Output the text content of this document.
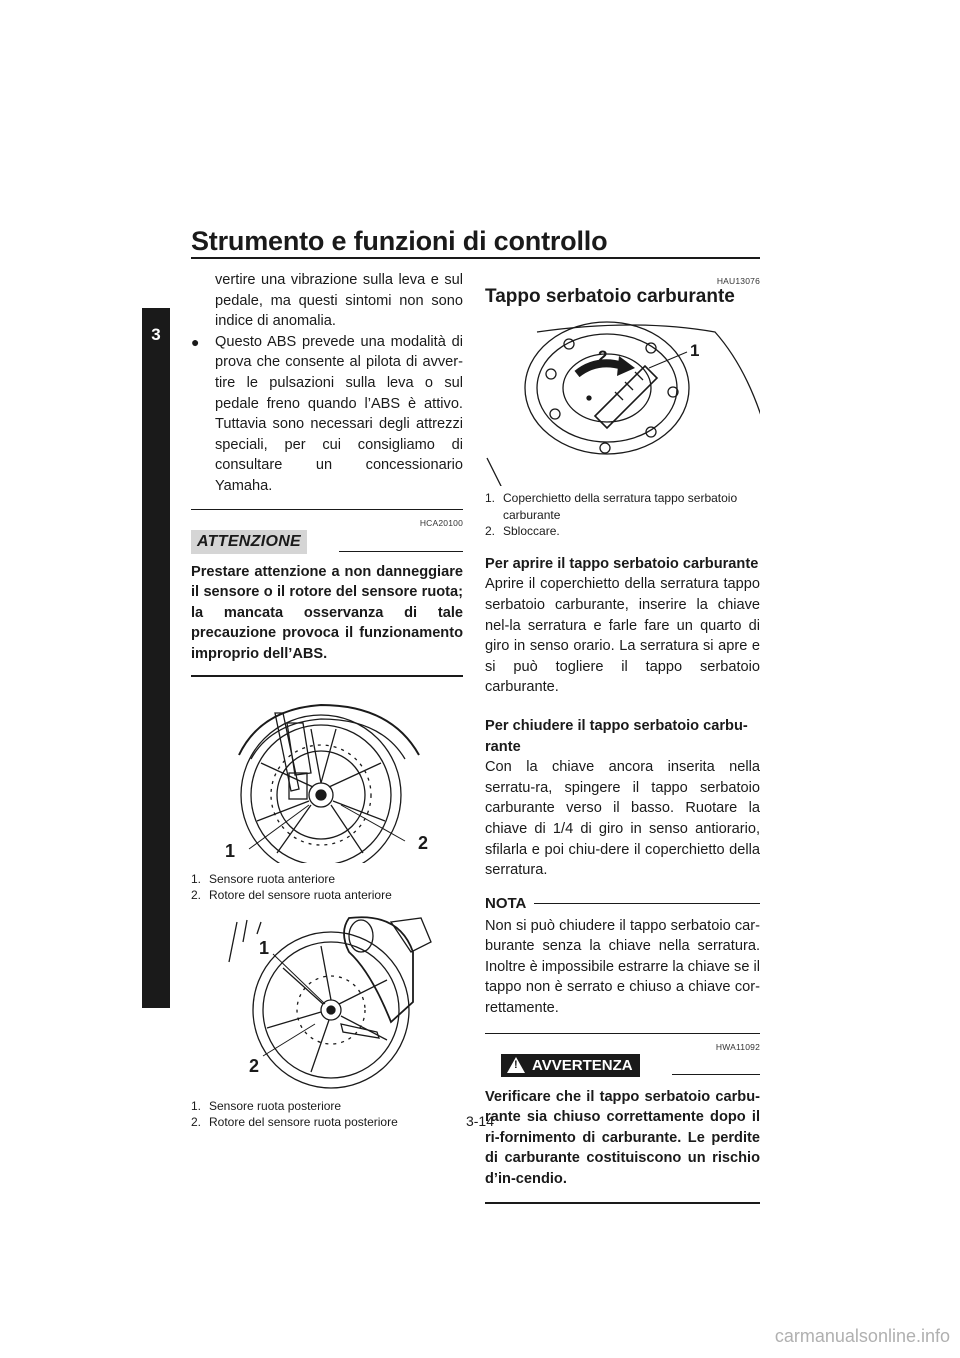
Strumento e funzioni di controllo
3

vertire una vibrazione sulla leva e sul pedale, ma questi sintomi non sono indice di anomalia.

● Questo ABS prevede una modalità di prova che consente al pilota di avver-tire le pulsazioni sulla leva o sul pedale freno quando l’ABS è attivo. Tuttavia sono necessari degli attrezzi speciali, per cui consigliamo di consultare un concessionario Yamaha.
HCA20100
ATTENZIONE

Prestare attenzione a non danneggiare il sensore o il rotore del sensore ruota; la mancata osservanza di tale precauzione provoca il funzionamento improprio dell’ABS.

1	2

1. Sensore ruota anteriore

2. Rotore del sensore ruota anteriore

1
2

1. Sensore ruota posteriore

2. Rotore del sensore ruota posteriore

HAU13076

Tappo serbatoio carburante

2	1

1. Coperchietto della serratura tappo serbatoio
carburante

2. Sbloccare.

Per aprire il tappo serbatoio carburante

Aprire il coperchietto della serratura tappo serbatoio carburante, inserire la chiave nel-la serratura e farle fare un quarto di giro in senso orario. La serratura si apre e si può togliere il tappo serbatoio carburante.

Per chiudere il tappo serbatoio carbu-rante

Con la chiave ancora inserita nella serratu-ra, spingere il tappo serbatoio carburante verso il basso. Ruotare la chiave di 1/4 di giro in senso antiorario, sfilarla e poi chiu-dere il coperchietto della serratura.

NOTA

Non si può chiudere il tappo serbatoio car-burante senza la chiave nella serratura. Inoltre è impossibile estrarre la chiave se il tappo non è serrato e chiuso a chiave cor-rettamente.

HWA11092
! AVVERTENZA

Verificare che il tappo serbatoio carbu-rante sia chiuso correttamente dopo il ri-fornimento di carburante. Le perdite di carburante costituiscono un rischio d’in-cendio.

3-14
carmanualsonline.info
